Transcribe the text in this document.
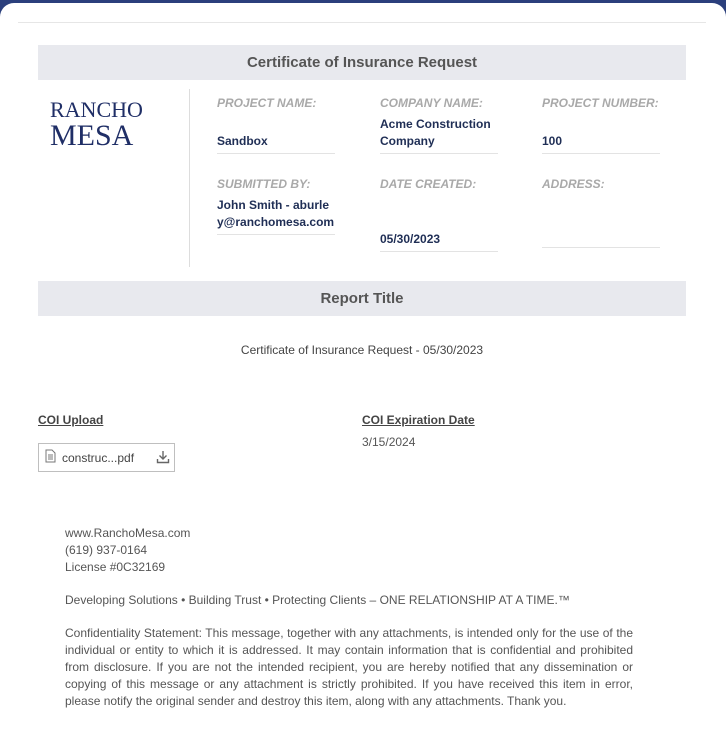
Certificate of Insurance Request
RANCHO
MESA
PROJECT NAME:
Sandbox
COMPANY NAME:
Acme Construction Company
PROJECT NUMBER:
100
SUBMITTED BY:
John Smith - aburley@ranchomesa.com
DATE CREATED:
05/30/2023
ADDRESS:
Report Title
Certificate of Insurance Request - 05/30/2023
COI Upload	COI Expiration Date
3/15/2024
construc...pdf
www.RanchoMesa.com
(619) 937-0164
License #0C32169
Developing Solutions • Building Trust • Protecting Clients – ONE RELATIONSHIP AT A TIME.™
Confidentiality Statement: This message, together with any attachments, is intended only for the use of the individual or entity to which it is addressed. It may contain information that is confidential and prohibited from disclosure. If you are not the intended recipient, you are hereby notified that any dissemination or copying of this message or any attachment is strictly prohibited. If you have received this item in error, please notify the original sender and destroy this item, along with any attachments. Thank you.
